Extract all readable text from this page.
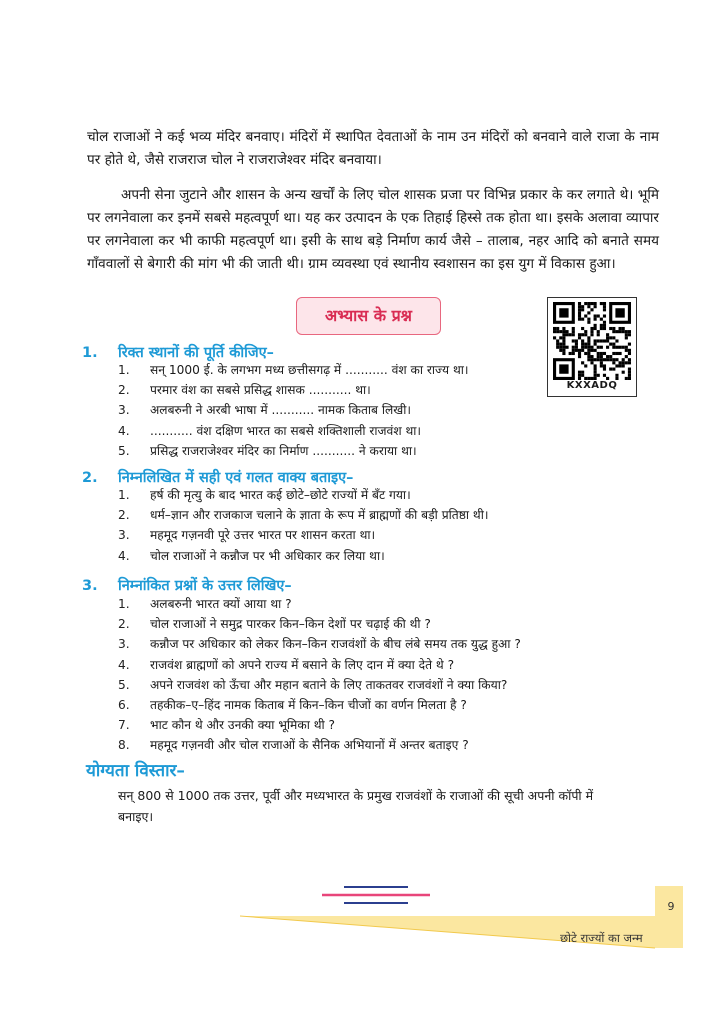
चोल राजाओं ने कई भव्य मंदिर बनवाए। मंदिरों में स्थापित देवताओं के नाम उन मंदिरों को बनवाने वाले राजा के नाम पर होते थे, जैसे राजराज चोल ने राजराजेश्वर मंदिर बनवाया।

अपनी सेना जुटाने और शासन के अन्य खर्चों के लिए चोल शासक प्रजा पर विभिन्न प्रकार के कर लगाते थे। भूमि पर लगनेवाला कर इनमें सबसे महत्वपूर्ण था। यह कर उत्पादन के एक तिहाई हिस्से तक होता था। इसके अलावा व्यापार पर लगनेवाला कर भी काफी महत्वपूर्ण था। इसी के साथ बड़े निर्माण कार्य जैसे – तालाब, नहर आदि को बनाते समय गाँववालों से बेगारी की मांग भी की जाती थी। ग्राम व्यवस्था एवं स्थानीय स्वशासन का इस युग में विकास हुआ।

अभ्यास के प्रश्न
KXXADQ
1. रिक्त स्थानों की पूर्ति कीजिए–
1. सन् 1000 ई. के लगभग मध्य छत्तीसगढ़ में ........... वंश का राज्य था।
2. परमार वंश का सबसे प्रसिद्ध शासक ........... था।
3. अलबरुनी ने अरबी भाषा में ........... नामक किताब लिखी।
4. ........... वंश दक्षिण भारत का सबसे शक्तिशाली राजवंश था।
5. प्रसिद्ध राजराजेश्वर मंदिर का निर्माण ........... ने कराया था।
2. निम्नलिखित में सही एवं गलत वाक्य बताइए–
1. हर्ष की मृत्यु के बाद भारत कई छोटे–छोटे राज्यों में बँट गया।
2. धर्म–ज्ञान और राजकाज चलाने के ज्ञाता के रूप में ब्राह्मणों की बड़ी प्रतिष्ठा थी।
3. महमूद गज़नवी पूरे उत्तर भारत पर शासन करता था।
4. चोल राजाओं ने कन्नौज पर भी अधिकार कर लिया था।
3. निम्नांकित प्रश्नों के उत्तर लिखिए–
1. अलबरुनी भारत क्यों आया था ?
2. चोल राजाओं ने समुद्र पारकर किन–किन देशों पर चढ़ाई की थी ?
3. कन्नौज पर अधिकार को लेकर किन–किन राजवंशों के बीच लंबे समय तक युद्ध हुआ ?
4. राजवंश ब्राह्मणों को अपने राज्य में बसाने के लिए दान में क्या देते थे ?
5. अपने राजवंश को ऊँचा और महान बताने के लिए ताकतवर राजवंशों ने क्या किया?
6. तहकीक–ए–हिंद नामक किताब में किन–किन चीजों का वर्णन मिलता है ?
7. भाट कौन थे और उनकी क्या भूमिका थी ?
8. महमूद गज़नवी और चोल राजाओं के सैनिक अभियानों में अन्तर बताइए ?
योग्यता विस्तार–

सन् 800 से 1000 तक उत्तर, पूर्वी और मध्यभारत के प्रमुख राजवंशों के राजाओं की सूची अपनी कॉपी में बनाइए।

9
छोटे राज्यों का जन्म
